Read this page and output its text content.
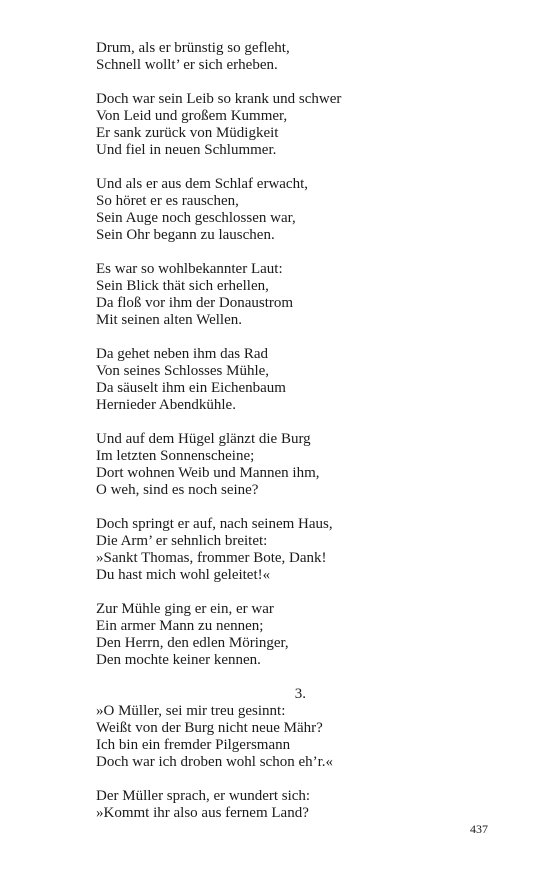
Drum, als er brünstig so gefleht,
Schnell wollt’ er sich erheben.
Doch war sein Leib so krank und schwer
Von Leid und großem Kummer,
Er sank zurück von Müdigkeit
Und fiel in neuen Schlummer.
Und als er aus dem Schlaf erwacht,
So höret er es rauschen,
Sein Auge noch geschlossen war,
Sein Ohr begann zu lauschen.
Es war so wohlbekannter Laut:
Sein Blick thät sich erhellen,
Da floß vor ihm der Donaustrom
Mit seinen alten Wellen.
Da gehet neben ihm das Rad
Von seines Schlosses Mühle,
Da säuselt ihm ein Eichenbaum
Hernieder Abendkühle.
Und auf dem Hügel glänzt die Burg
Im letzten Sonnenscheine;
Dort wohnen Weib und Mannen ihm,
O weh, sind es noch seine?
Doch springt er auf, nach seinem Haus,
Die Arm’ er sehnlich breitet:
»Sankt Thomas, frommer Bote, Dank!
Du hast mich wohl geleitet!«
Zur Mühle ging er ein, er war
Ein armer Mann zu nennen;
Den Herrn, den edlen Möringer,
Den mochte keiner kennen.
3.
»O Müller, sei mir treu gesinnt:
Weißt von der Burg nicht neue Mähr?
Ich bin ein fremder Pilgersmann
Doch war ich droben wohl schon eh’r.«
Der Müller sprach, er wundert sich:
»Kommt ihr also aus fernem Land?
437
